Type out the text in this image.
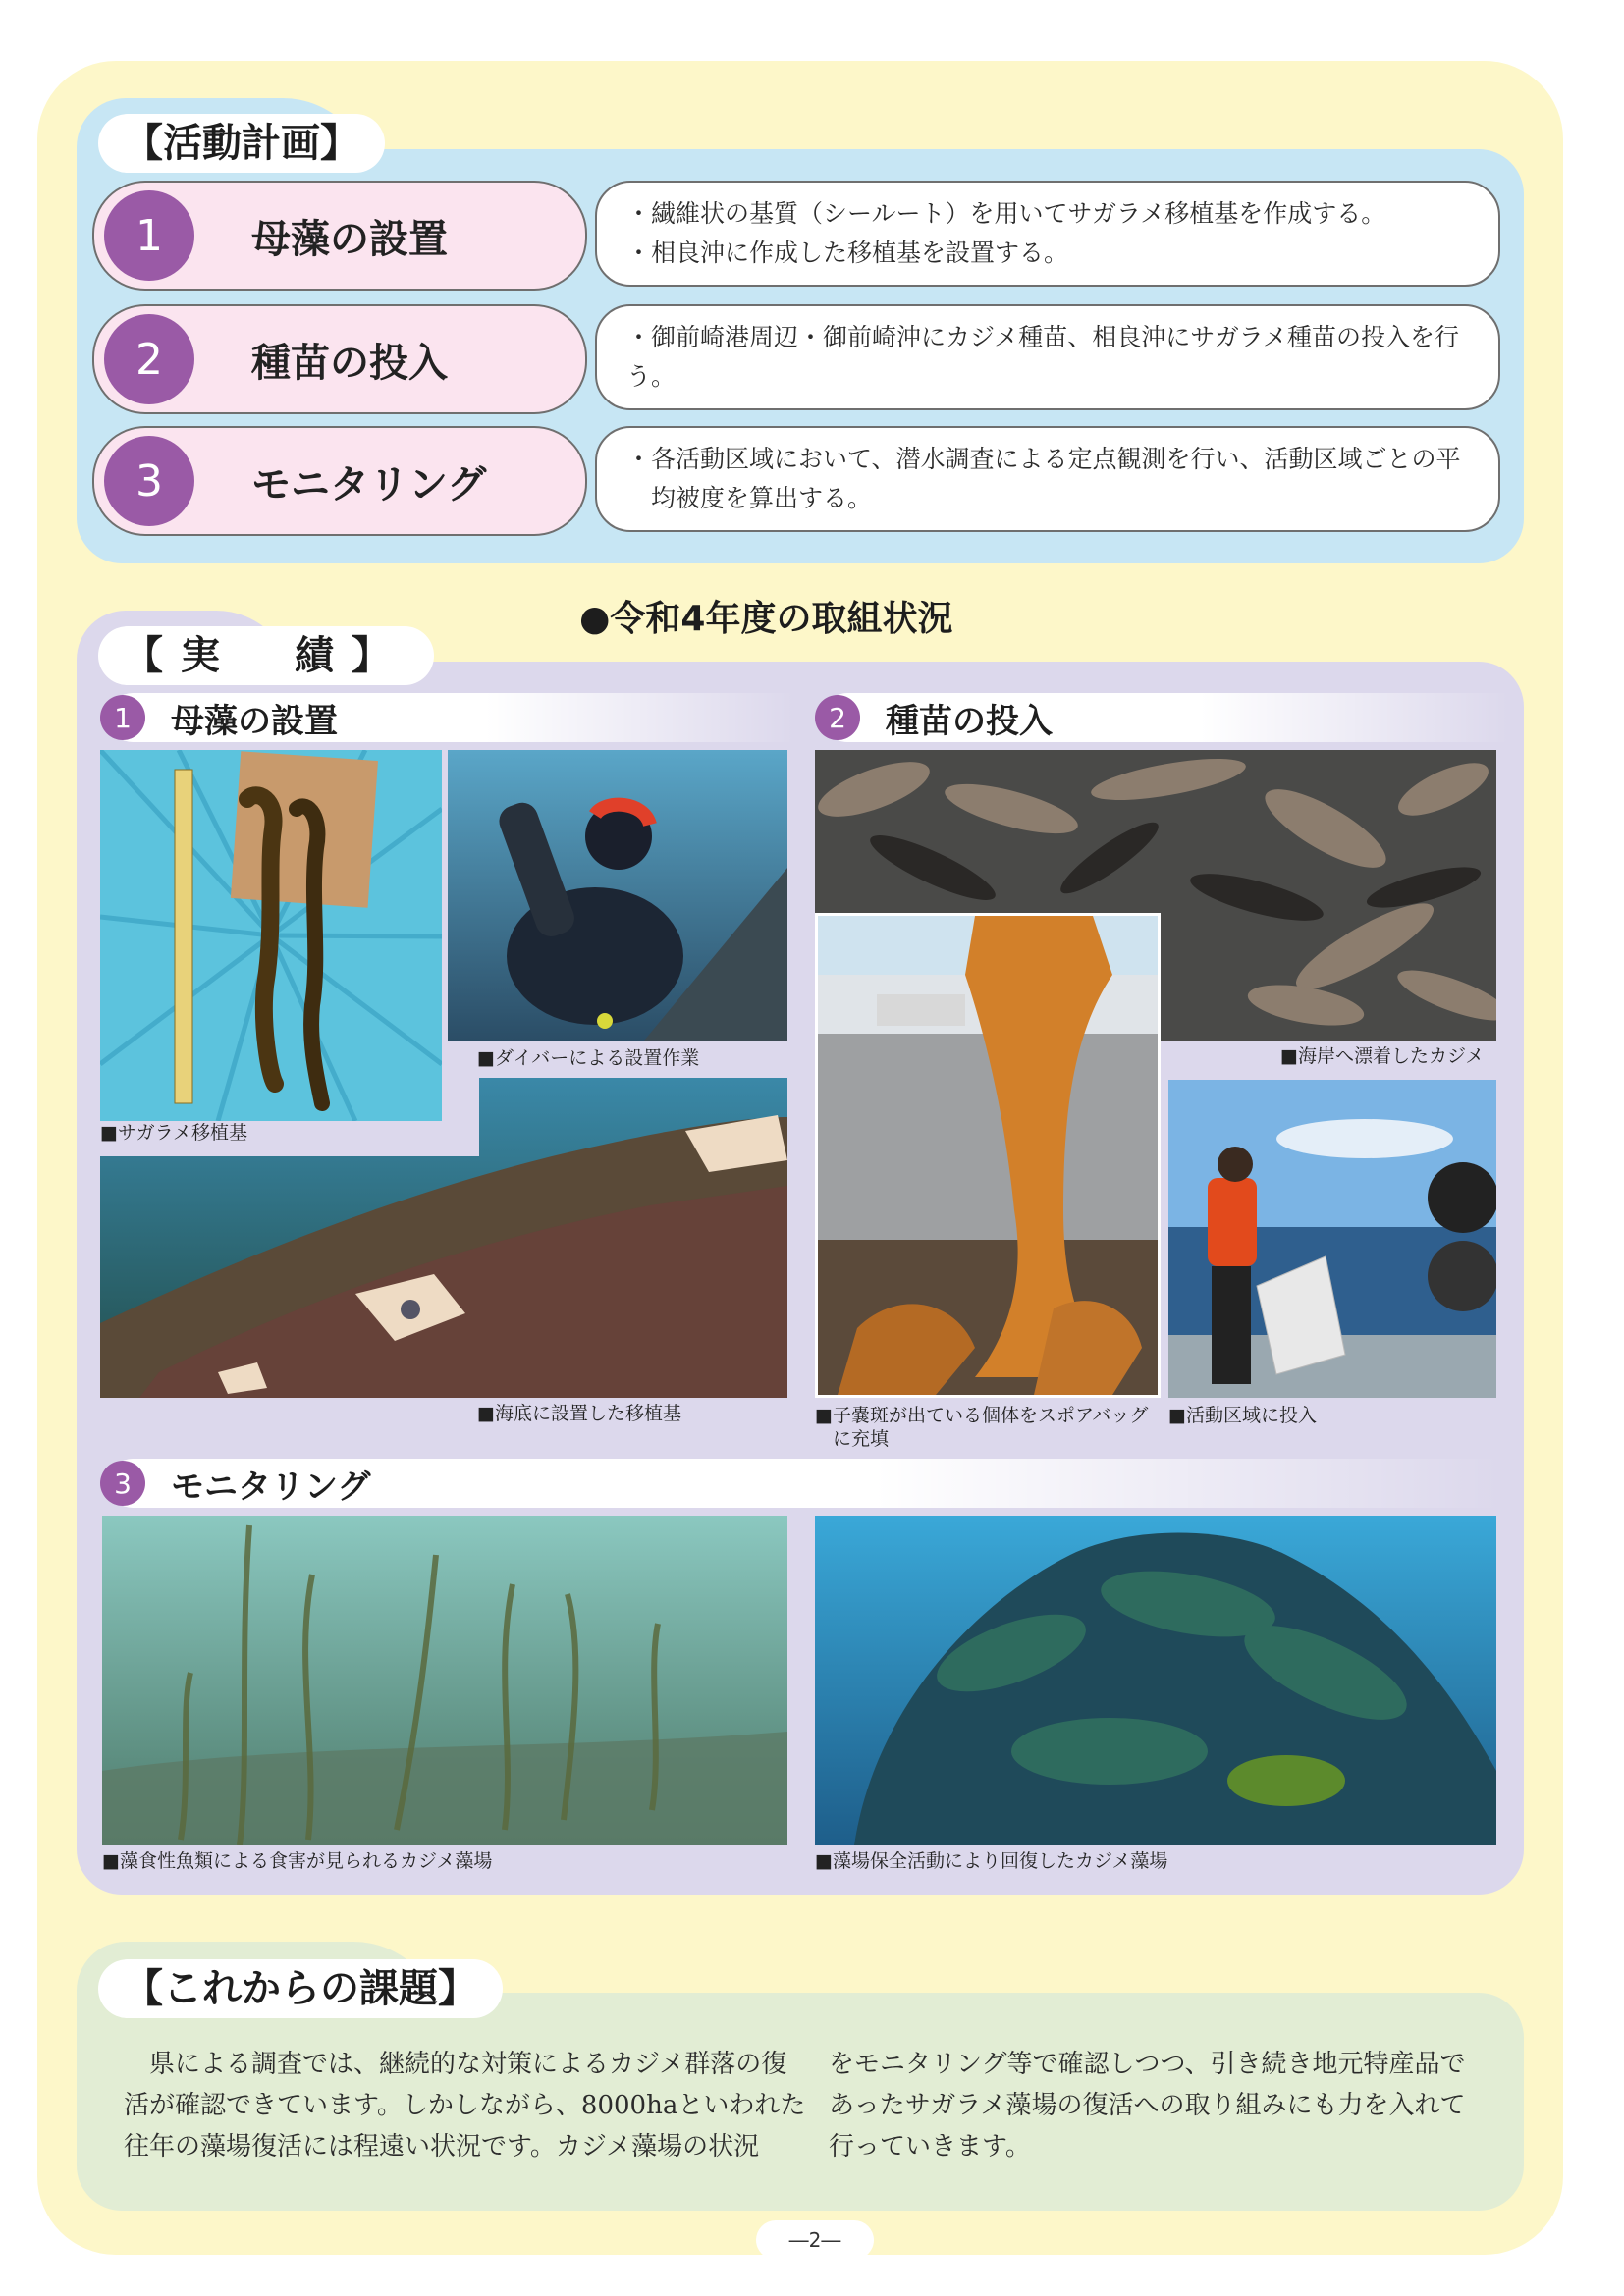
【活動計画】
1	母藻の設置
・繊維状の基質（シールート）を用いてサガラメ移植基を作成する。
・相良沖に作成した移植基を設置する。
2	種苗の投入
・御前崎港周辺・御前崎沖にカジメ種苗、相良沖にサガラメ種苗の投入を行う。
3	モニタリング
・各活動区域において、潜水調査による定点観測を行い、活動区域ごとの平
　均被度を算出する。
●令和4年度の取組状況
【実　績】
1	母藻の設置	2	種苗の投入
■サガラメ移植基
■ダイバーによる設置作業
■海底に設置した移植基
■海岸へ漂着したカジメ
■子嚢斑が出ている個体をスポアバッグ
に充填
■活動区域に投入
3	モニタリング
■藻食性魚類による食害が見られるカジメ藻場	■藻場保全活動により回復したカジメ藻場
【これからの課題】
　県による調査では、継続的な対策によるカジメ群落の復
活が確認できています。しかしながら、8000haといわれた
往年の藻場復活には程遠い状況です。カジメ藻場の状況
をモニタリング等で確認しつつ、引き続き地元特産品で
あったサガラメ藻場の復活への取り組みにも力を入れて
行っていきます。
―2―
